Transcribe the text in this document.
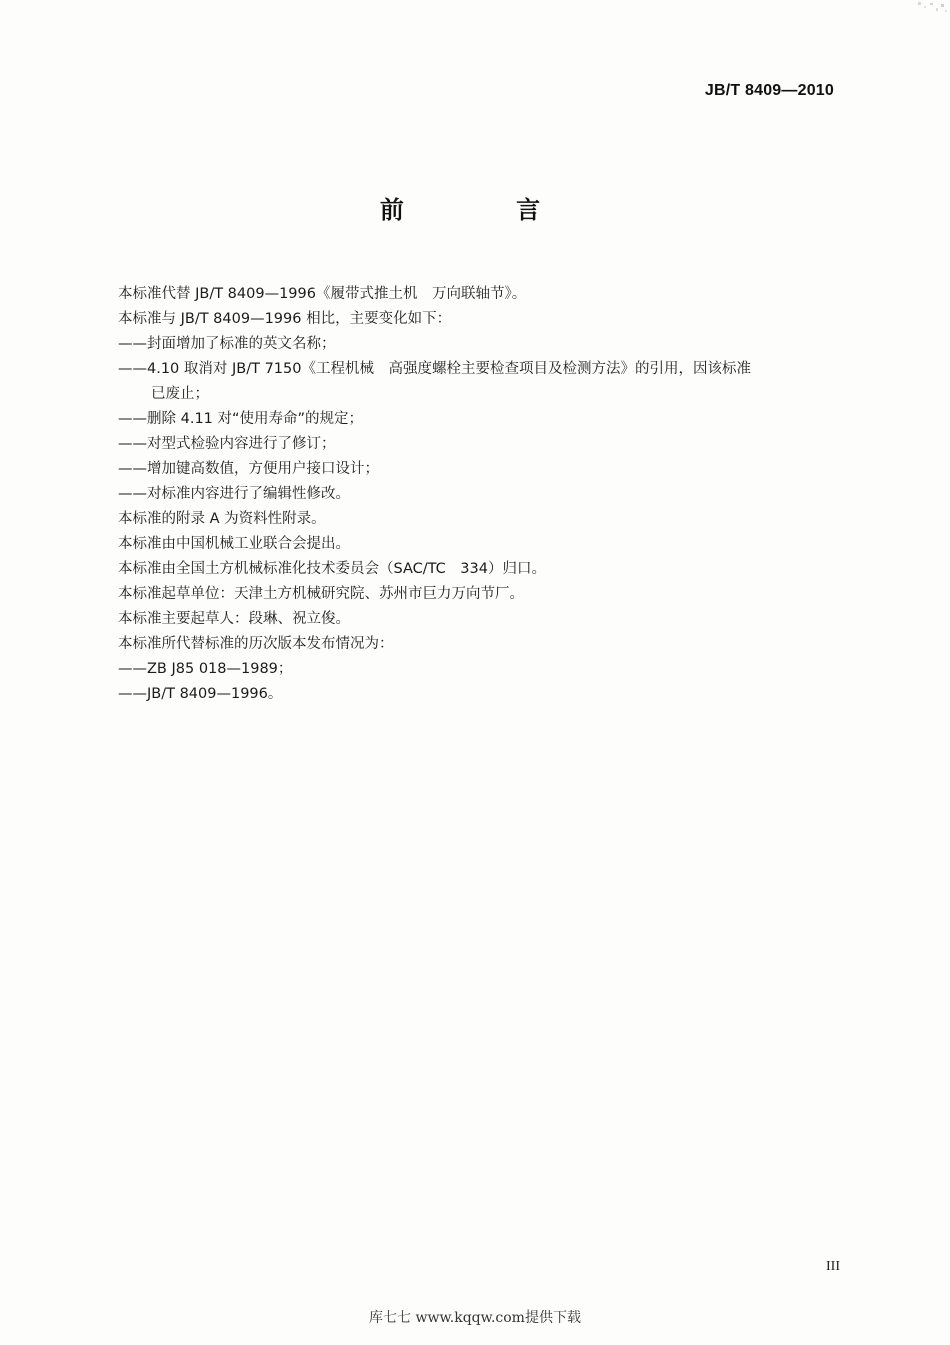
JB/T 8409—2010
前 言
本标准代替 JB/T 8409—1996《履带式推土机　万向联轴节》。
本标准与 JB/T 8409—1996 相比，主要变化如下：
——封面增加了标准的英文名称；
——4.10 取消对 JB/T 7150《工程机械　高强度螺栓主要检查项目及检测方法》的引用，因该标准
已废止；
——删除 4.11 对“使用寿命”的规定；
——对型式检验内容进行了修订；
——增加键高数值，方便用户接口设计；
——对标准内容进行了编辑性修改。
本标准的附录 A 为资料性附录。
本标准由中国机械工业联合会提出。
本标准由全国土方机械标准化技术委员会（SAC/TC　334）归口。
本标准起草单位：天津土方机械研究院、苏州市巨力万向节厂。
本标准主要起草人：段琳、祝立俊。
本标准所代替标准的历次版本发布情况为：
——ZB J85 018—1989；
——JB/T 8409—1996。
III
库七七 www.kqqw.com提供下载
